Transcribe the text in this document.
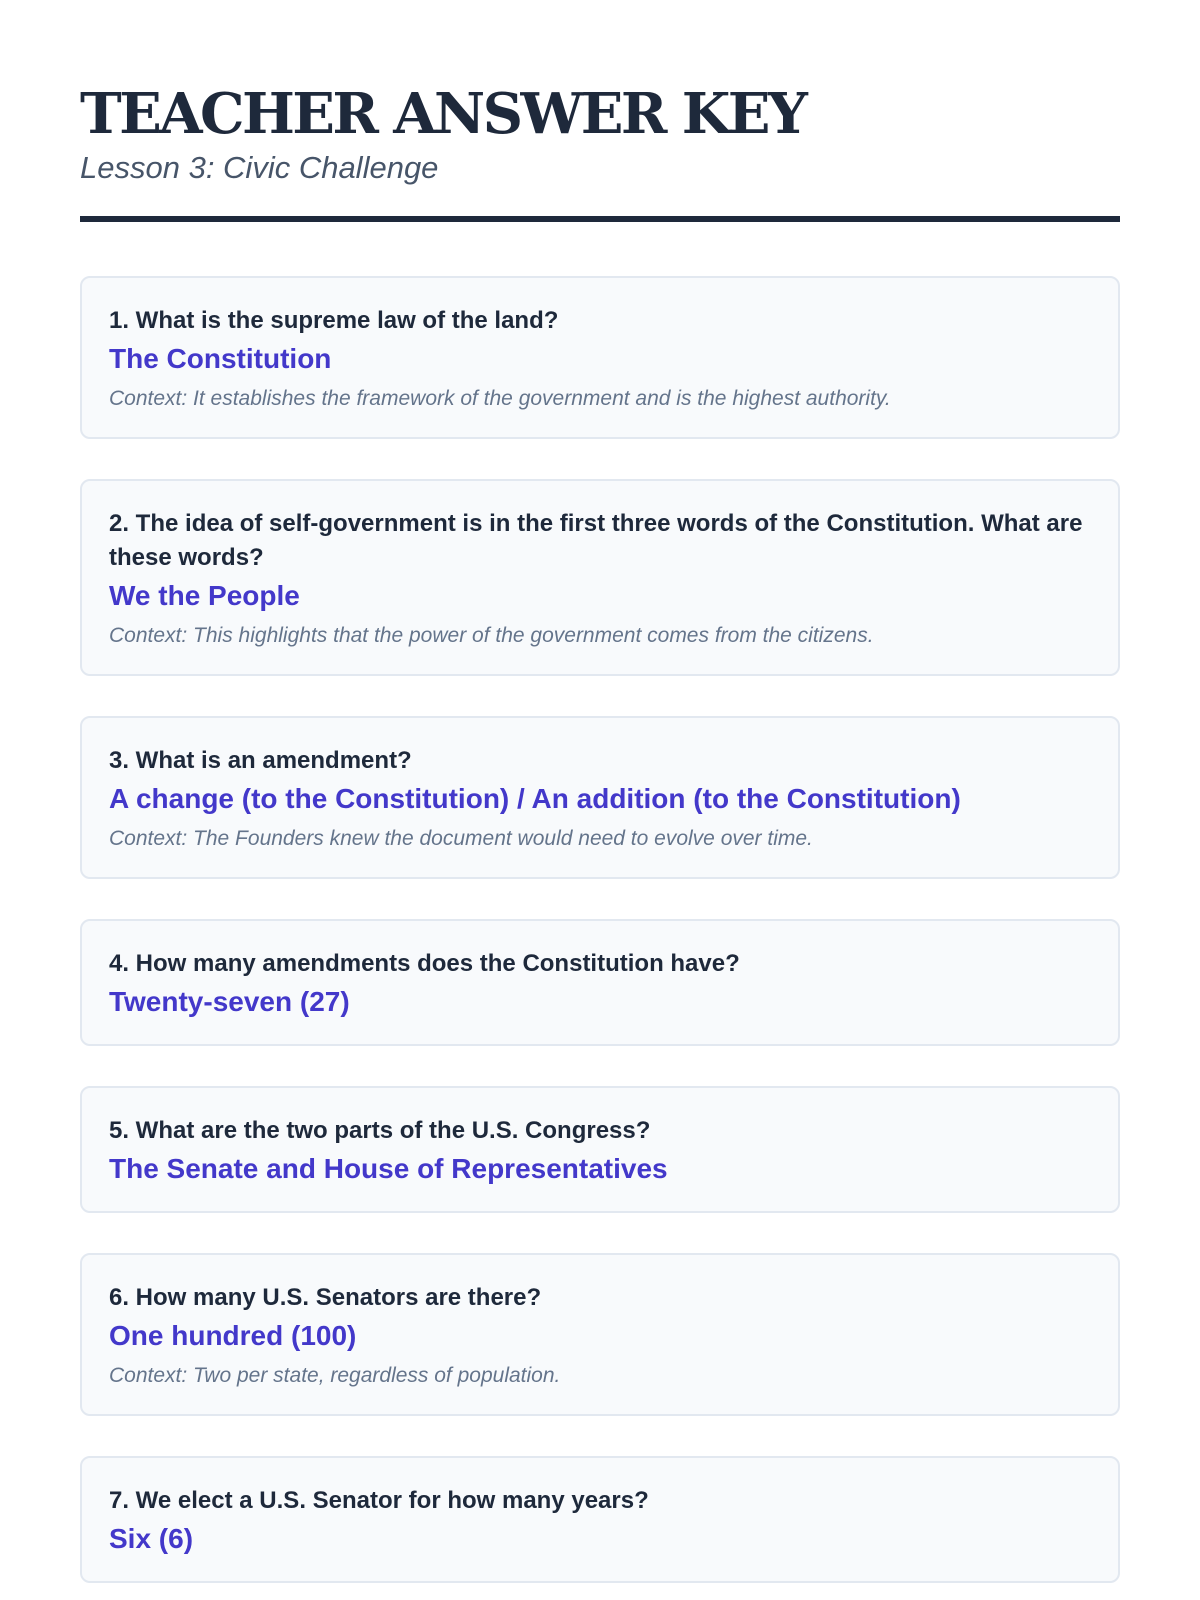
TEACHER ANSWER KEY
Lesson 3: Civic Challenge
1. What is the supreme law of the land?
The Constitution
Context: It establishes the framework of the government and is the highest authority.
2. The idea of self-government is in the first three words of the Constitution. What are these words?
We the People
Context: This highlights that the power of the government comes from the citizens.
3. What is an amendment?
A change (to the Constitution) / An addition (to the Constitution)
Context: The Founders knew the document would need to evolve over time.
4. How many amendments does the Constitution have?
Twenty-seven (27)
5. What are the two parts of the U.S. Congress?
The Senate and House of Representatives
6. How many U.S. Senators are there?
One hundred (100)
Context: Two per state, regardless of population.
7. We elect a U.S. Senator for how many years?
Six (6)
